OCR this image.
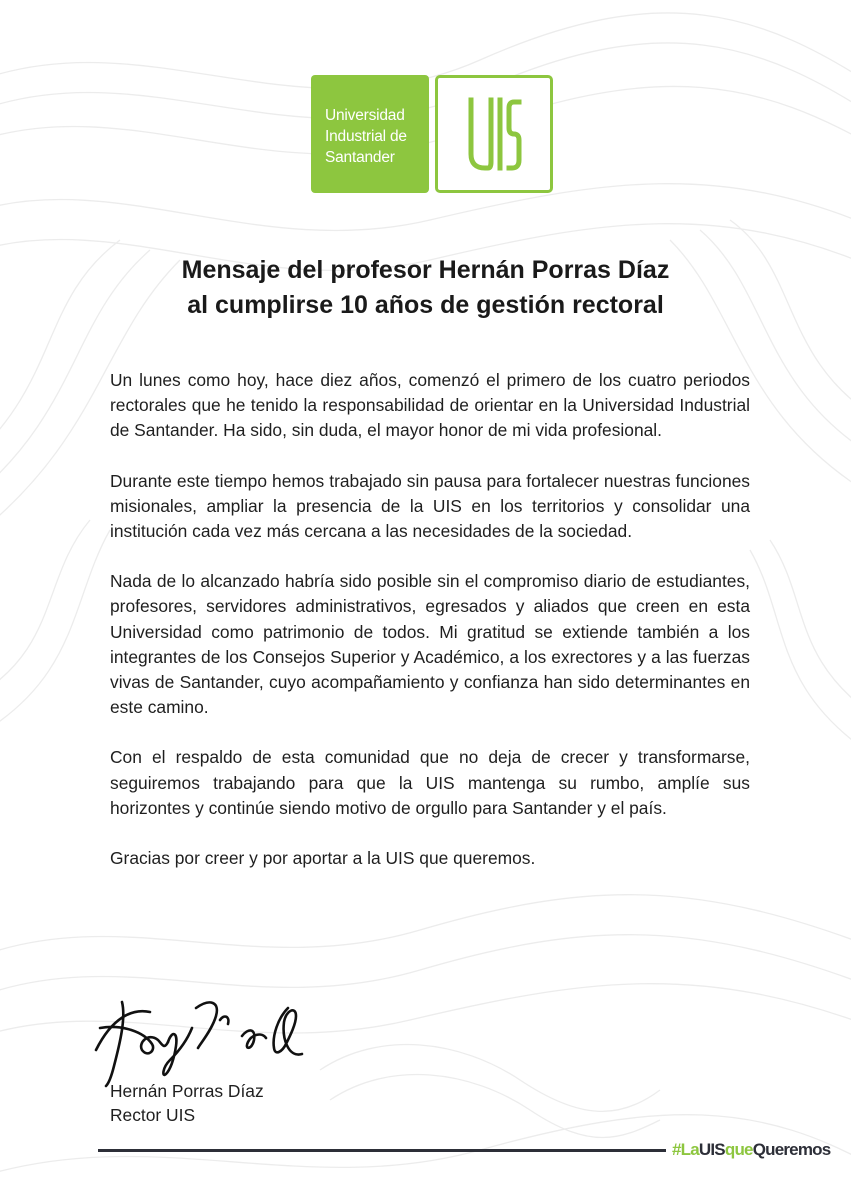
Universidad
Industrial de
Santander
Mensaje del profesor Hernán Porras Díaz
al cumplirse 10 años de gestión rectoral

Un lunes como hoy, hace diez años, comenzó el primero de los cuatro periodos rectorales que he tenido la responsabilidad de orientar en la Universidad Industrial de Santander. Ha sido, sin duda, el mayor honor de mi vida profesional.

Durante este tiempo hemos trabajado sin pausa para fortalecer nuestras funciones misionales, ampliar la presencia de la UIS en los territorios y consolidar una institución cada vez más cercana a las necesidades de la sociedad.

Nada de lo alcanzado habría sido posible sin el compromiso diario de estudiantes, profesores, servidores administrativos, egresados y aliados que creen en esta Universidad como patrimonio de todos. Mi gratitud se extiende también a los integrantes de los Consejos Superior y Académico, a los exrectores y a las fuerzas vivas de Santander, cuyo acompañamiento y confianza han sido determinantes en este camino.

Con el respaldo de esta comunidad que no deja de crecer y transformarse, seguiremos trabajando para que la UIS mantenga su rumbo, amplíe sus horizontes y continúe siendo motivo de orgullo para Santander y el país.

Gracias por creer y por aportar a la UIS que queremos.

Hernán Porras Díaz
Rector UIS
#LaUISqueQueremos
